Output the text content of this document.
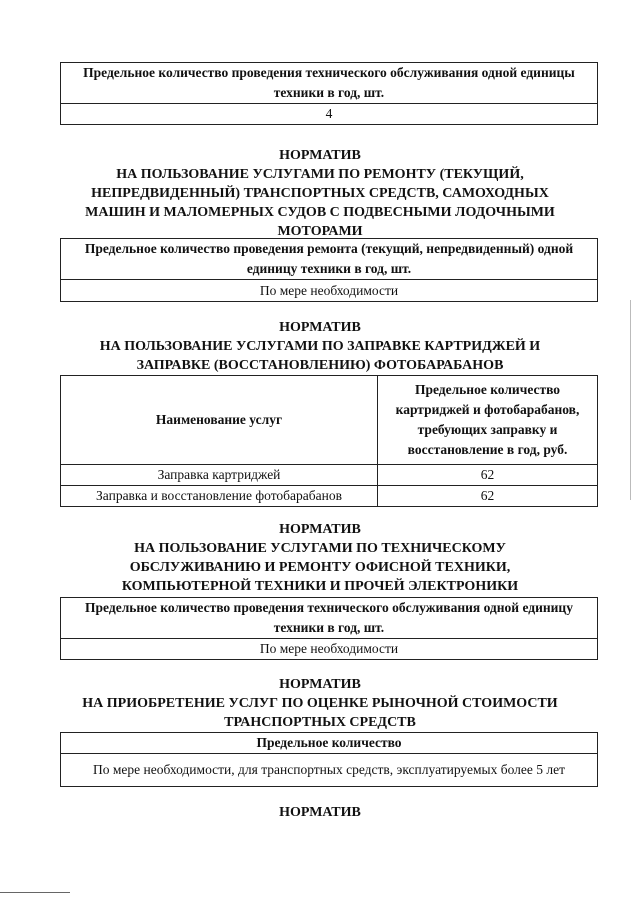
Предельное количество проведения технического обслуживания одной единицы техники в год, шт.
4
НОРМАТИВ
НА ПОЛЬЗОВАНИЕ УСЛУГАМИ ПО РЕМОНТУ (ТЕКУЩИЙ,
НЕПРЕДВИДЕННЫЙ) ТРАНСПОРТНЫХ СРЕДСТВ, САМОХОДНЫХ
МАШИН И МАЛОМЕРНЫХ СУДОВ С ПОДВЕСНЫМИ ЛОДОЧНЫМИ
МОТОРАМИ
Предельное количество проведения ремонта (текущий, непредвиденный) одной единицу техники в год, шт.
По мере необходимости
НОРМАТИВ
НА ПОЛЬЗОВАНИЕ УСЛУГАМИ ПО ЗАПРАВКЕ КАРТРИДЖЕЙ И
ЗАПРАВКЕ (ВОССТАНОВЛЕНИЮ) ФОТОБАРАБАНОВ
Наименование услуг	Предельное количество картриджей и фотобарабанов, требующих заправку и восстановление в год, руб.
Заправка картриджей	62
Заправка и восстановление фотобарабанов	62
НОРМАТИВ
НА ПОЛЬЗОВАНИЕ УСЛУГАМИ ПО ТЕХНИЧЕСКОМУ
ОБСЛУЖИВАНИЮ И РЕМОНТУ ОФИСНОЙ ТЕХНИКИ,
КОМПЬЮТЕРНОЙ ТЕХНИКИ И ПРОЧЕЙ ЭЛЕКТРОНИКИ
Предельное количество проведения технического обслуживания одной единицу техники в год, шт.
По мере необходимости
НОРМАТИВ
НА ПРИОБРЕТЕНИЕ УСЛУГ ПО ОЦЕНКЕ РЫНОЧНОЙ СТОИМОСТИ
ТРАНСПОРТНЫХ СРЕДСТВ
Предельное количество
По мере необходимости, для транспортных средств, эксплуатируемых более 5 лет
НОРМАТИВ
